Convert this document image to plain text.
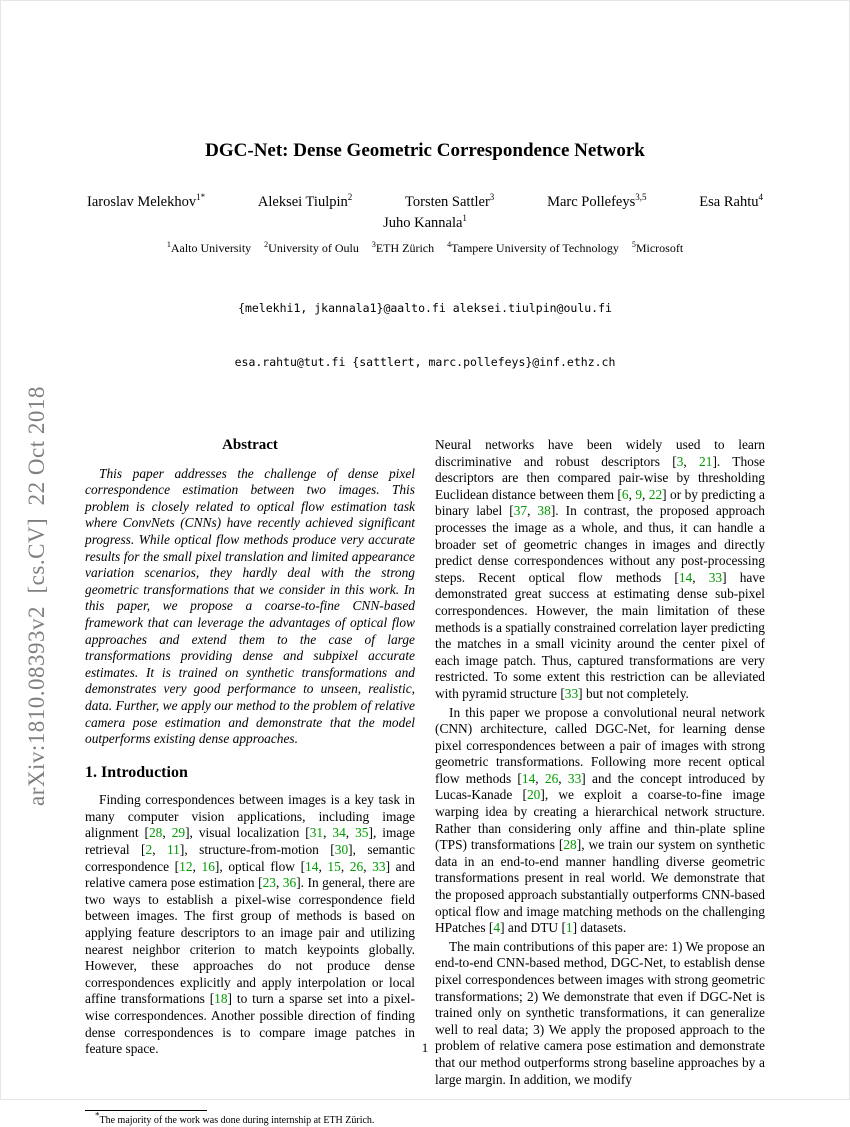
arXiv:1810.08393v2  [cs.CV]  22 Oct 2018
DGC-Net: Dense Geometric Correspondence Network
Iaroslav Melekhov$^{1*}$	Aleksei Tiulpin$^2$	Torsten Sattler$^3$	Marc Pollefeys$^{3,5}$	Esa Rahtu$^4$
Juho Kannala$^1$
$^1$Aalto University $^2$University of Oulu $^3$ETH Zürich $^4$Tampere University of Technology $^5$Microsoft

{melekhi1, jkannala1}@aalto.fi aleksei.tiulpin@oulu.fi

esa.rahtu@tut.fi {sattlert, marc.pollefeys}@inf.ethz.ch

Abstract

This paper addresses the challenge of dense pixel correspondence estimation between two images. This problem is closely related to optical flow estimation task where ConvNets (CNNs) have recently achieved significant progress. While optical flow methods produce very accurate results for the small pixel translation and limited appearance variation scenarios, they hardly deal with the strong geometric transformations that we consider in this work. In this paper, we propose a coarse-to-fine CNN-based framework that can leverage the advantages of optical flow approaches and extend them to the case of large transformations providing dense and subpixel accurate estimates. It is trained on synthetic transformations and demonstrates very good performance to unseen, realistic, data. Further, we apply our method to the problem of relative camera pose estimation and demonstrate that the model outperforms existing dense approaches.

1. Introduction

Finding correspondences between images is a key task in many computer vision applications, including image alignment [28, 29], visual localization [31, 34, 35], image retrieval [2, 11], structure-from-motion [30], semantic correspondence [12, 16], optical flow [14, 15, 26, 33] and relative camera pose estimation [23, 36]. In general, there are two ways to establish a pixel-wise correspondence field between images. The first group of methods is based on applying feature descriptors to an image pair and utilizing nearest neighbor criterion to match keypoints globally. However, these approaches do not produce dense correspondences explicitly and apply interpolation or local affine transformations [18] to turn a sparse set into a pixel-wise correspondences. Another possible direction of finding dense correspondences is to compare image patches in feature space.

*The majority of the work was done during internship at ETH Zürich.

Neural networks have been widely used to learn discriminative and robust descriptors [3, 21]. Those descriptors are then compared pair-wise by thresholding Euclidean distance between them [6, 9, 22] or by predicting a binary label [37, 38]. In contrast, the proposed approach processes the image as a whole, and thus, it can handle a broader set of geometric changes in images and directly predict dense correspondences without any post-processing steps. Recent optical flow methods [14, 33] have demonstrated great success at estimating dense sub-pixel correspondences. However, the main limitation of these methods is a spatially constrained correlation layer predicting the matches in a small vicinity around the center pixel of each image patch. Thus, captured transformations are very restricted. To some extent this restriction can be alleviated with pyramid structure [33] but not completely.

In this paper we propose a convolutional neural network (CNN) architecture, called DGC-Net, for learning dense pixel correspondences between a pair of images with strong geometric transformations. Following more recent optical flow methods [14, 26, 33] and the concept introduced by Lucas-Kanade [20], we exploit a coarse-to-fine image warping idea by creating a hierarchical network structure. Rather than considering only affine and thin-plate spline (TPS) transformations [28], we train our system on synthetic data in an end-to-end manner handling diverse geometric transformations present in real world. We demonstrate that the proposed approach substantially outperforms CNN-based optical flow and image matching methods on the challenging HPatches [4] and DTU [1] datasets.

The main contributions of this paper are: 1) We propose an end-to-end CNN-based method, DGC-Net, to establish dense pixel correspondences between images with strong geometric transformations; 2) We demonstrate that even if DGC-Net is trained only on synthetic transformations, it can generalize well to real data; 3) We apply the proposed approach to the problem of relative camera pose estimation and demonstrate that our method outperforms strong baseline approaches by a large margin. In addition, we modify

1
